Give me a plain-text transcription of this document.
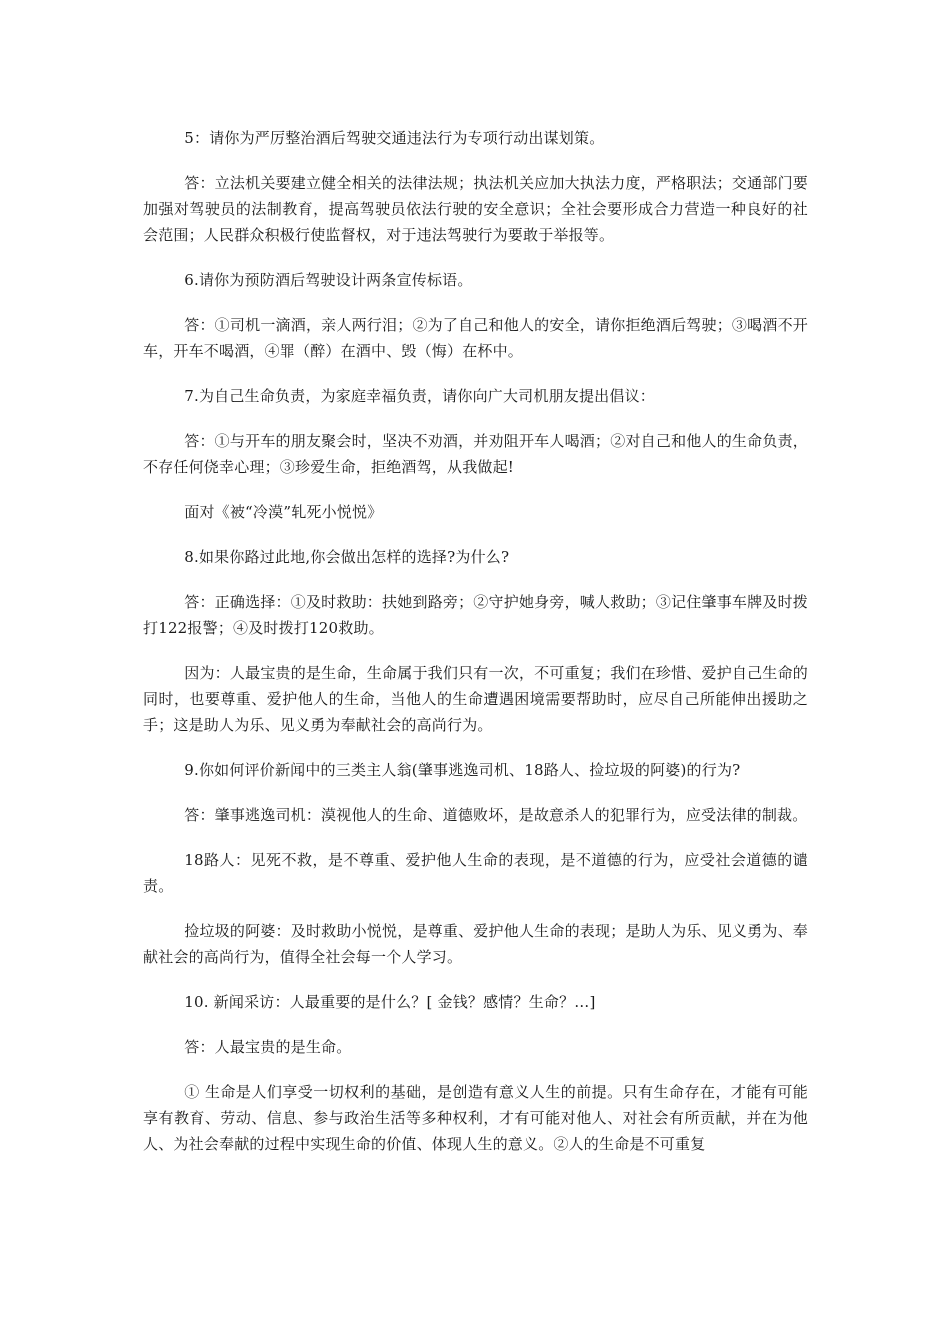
5：请你为严厉整治酒后驾驶交通违法行为专项行动出谋划策。

答：立法机关要建立健全相关的法律法规；执法机关应加大执法力度，严格职法；交通部门要加强对驾驶员的法制教育，提高驾驶员依法行驶的安全意识；全社会要形成合力营造一种良好的社会范围；人民群众积极行使监督权，对于违法驾驶行为要敢于举报等。

6.请你为预防酒后驾驶设计两条宣传标语。

答：①司机一滴酒，亲人两行泪；②为了自己和他人的安全，请你拒绝酒后驾驶；③喝酒不开车，开车不喝酒，④罪（醉）在酒中、毁（悔）在杯中。

7.为自己生命负责，为家庭幸福负责，请你向广大司机朋友提出倡议：

答：①与开车的朋友聚会时，坚决不劝酒，并劝阻开车人喝酒；②对自己和他人的生命负责，不存任何侥幸心理；③珍爱生命，拒绝酒驾，从我做起!

面对《被“冷漠”轧死小悦悦》

8.如果你路过此地,你会做出怎样的选择?为什么?

答：正确选择：①及时救助：扶她到路旁；②守护她身旁，喊人救助；③记住肇事车牌及时拨打122报警；④及时拨打120救助。

因为：人最宝贵的是生命，生命属于我们只有一次，不可重复；我们在珍惜、爱护自己生命的同时，也要尊重、爱护他人的生命，当他人的生命遭遇困境需要帮助时，应尽自己所能伸出援助之手；这是助人为乐、见义勇为奉献社会的高尚行为。

9.你如何评价新闻中的三类主人翁(肇事逃逸司机、18路人、捡垃圾的阿婆)的行为?

答：肇事逃逸司机：漠视他人的生命、道德败坏，是故意杀人的犯罪行为，应受法律的制裁。

18路人：见死不救，是不尊重、爱护他人生命的表现，是不道德的行为，应受社会道德的谴责。

捡垃圾的阿婆：及时救助小悦悦，是尊重、爱护他人生命的表现；是助人为乐、见义勇为、奉献社会的高尚行为，值得全社会每一个人学习。

10. 新闻采访：人最重要的是什么？[ 金钱？感情？生命？…]

答：人最宝贵的是生命。

① 生命是人们享受一切权利的基础，是创造有意义人生的前提。只有生命存在，才能有可能享有教育、劳动、信息、参与政治生活等多种权利，才有可能对他人、对社会有所贡献，并在为他人、为社会奉献的过程中实现生命的价值、体现人生的意义。②人的生命是不可重复
